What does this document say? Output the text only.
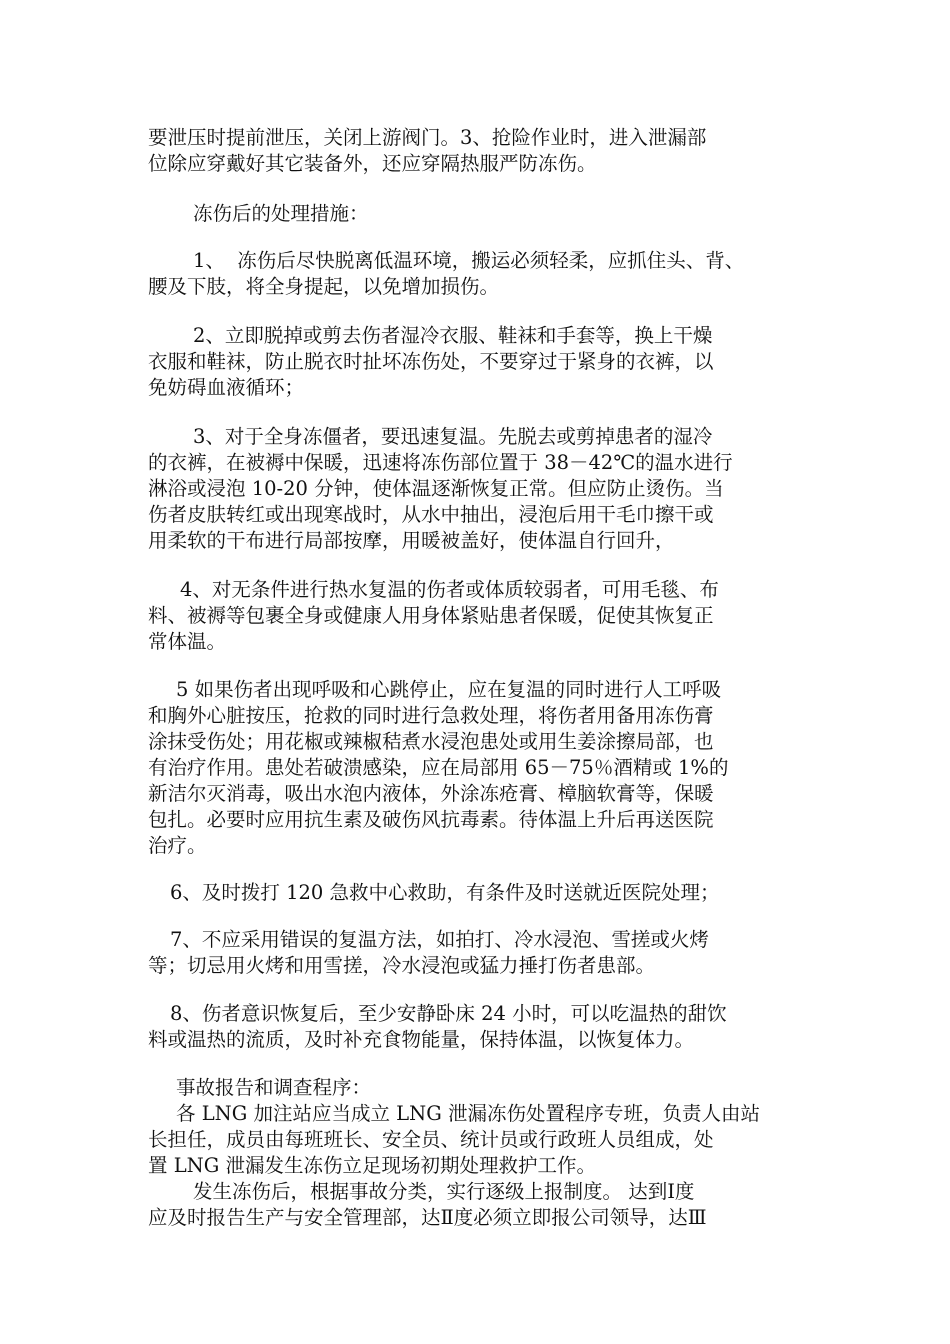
要泄压时提前泄压，关闭上游阀门。3、抢险作业时，进入泄漏部

位除应穿戴好其它装备外，还应穿隔热服严防冻伤。

冻伤后的处理措施：

1、  冻伤后尽快脱离低温环境，搬运必须轻柔，应抓住头、背、

腰及下肢，将全身提起，以免增加损伤。

2、立即脱掉或剪去伤者湿冷衣服、鞋袜和手套等，换上干燥

衣服和鞋袜，防止脱衣时扯坏冻伤处，不要穿过于紧身的衣裤，以

免妨碍血液循环；

3、对于全身冻僵者，要迅速复温。先脱去或剪掉患者的湿冷

的衣裤，在被褥中保暖，迅速将冻伤部位置于 38－42℃的温水进行

淋浴或浸泡 10-20 分钟，使体温逐渐恢复正常。但应防止烫伤。当

伤者皮肤转红或出现寒战时，从水中抽出，浸泡后用干毛巾擦干或

用柔软的干布进行局部按摩，用暖被盖好，使体温自行回升，

4、对无条件进行热水复温的伤者或体质较弱者，可用毛毯、布

料、被褥等包裹全身或健康人用身体紧贴患者保暖，促使其恢复正

常体温。

5 如果伤者出现呼吸和心跳停止，应在复温的同时进行人工呼吸

和胸外心脏按压，抢救的同时进行急救处理，将伤者用备用冻伤膏

涂抹受伤处；用花椒或辣椒秸煮水浸泡患处或用生姜涂擦局部，也

有治疗作用。患处若破溃感染，应在局部用 65－75％酒精或 1%的

新洁尔灭消毒，吸出水泡内液体，外涂冻疮膏、樟脑软膏等，保暖

包扎。必要时应用抗生素及破伤风抗毒素。待体温上升后再送医院

治疗。

6、及时拨打 120 急救中心救助，有条件及时送就近医院处理；

7、不应采用错误的复温方法，如拍打、冷水浸泡、雪搓或火烤

等；切忌用火烤和用雪搓，冷水浸泡或猛力捶打伤者患部。

8、伤者意识恢复后，至少安静卧床 24 小时，可以吃温热的甜饮

料或温热的流质，及时补充食物能量，保持体温，以恢复体力。

事故报告和调查程序：

各 LNG 加注站应当成立 LNG 泄漏冻伤处置程序专班，负责人由站

长担任，成员由每班班长、安全员、统计员或行政班人员组成，处

置 LNG 泄漏发生冻伤立足现场初期处理救护工作。

发生冻伤后，根据事故分类，实行逐级上报制度。 达到Ⅰ度

应及时报告生产与安全管理部，达Ⅱ度必须立即报公司领导，达Ⅲ
